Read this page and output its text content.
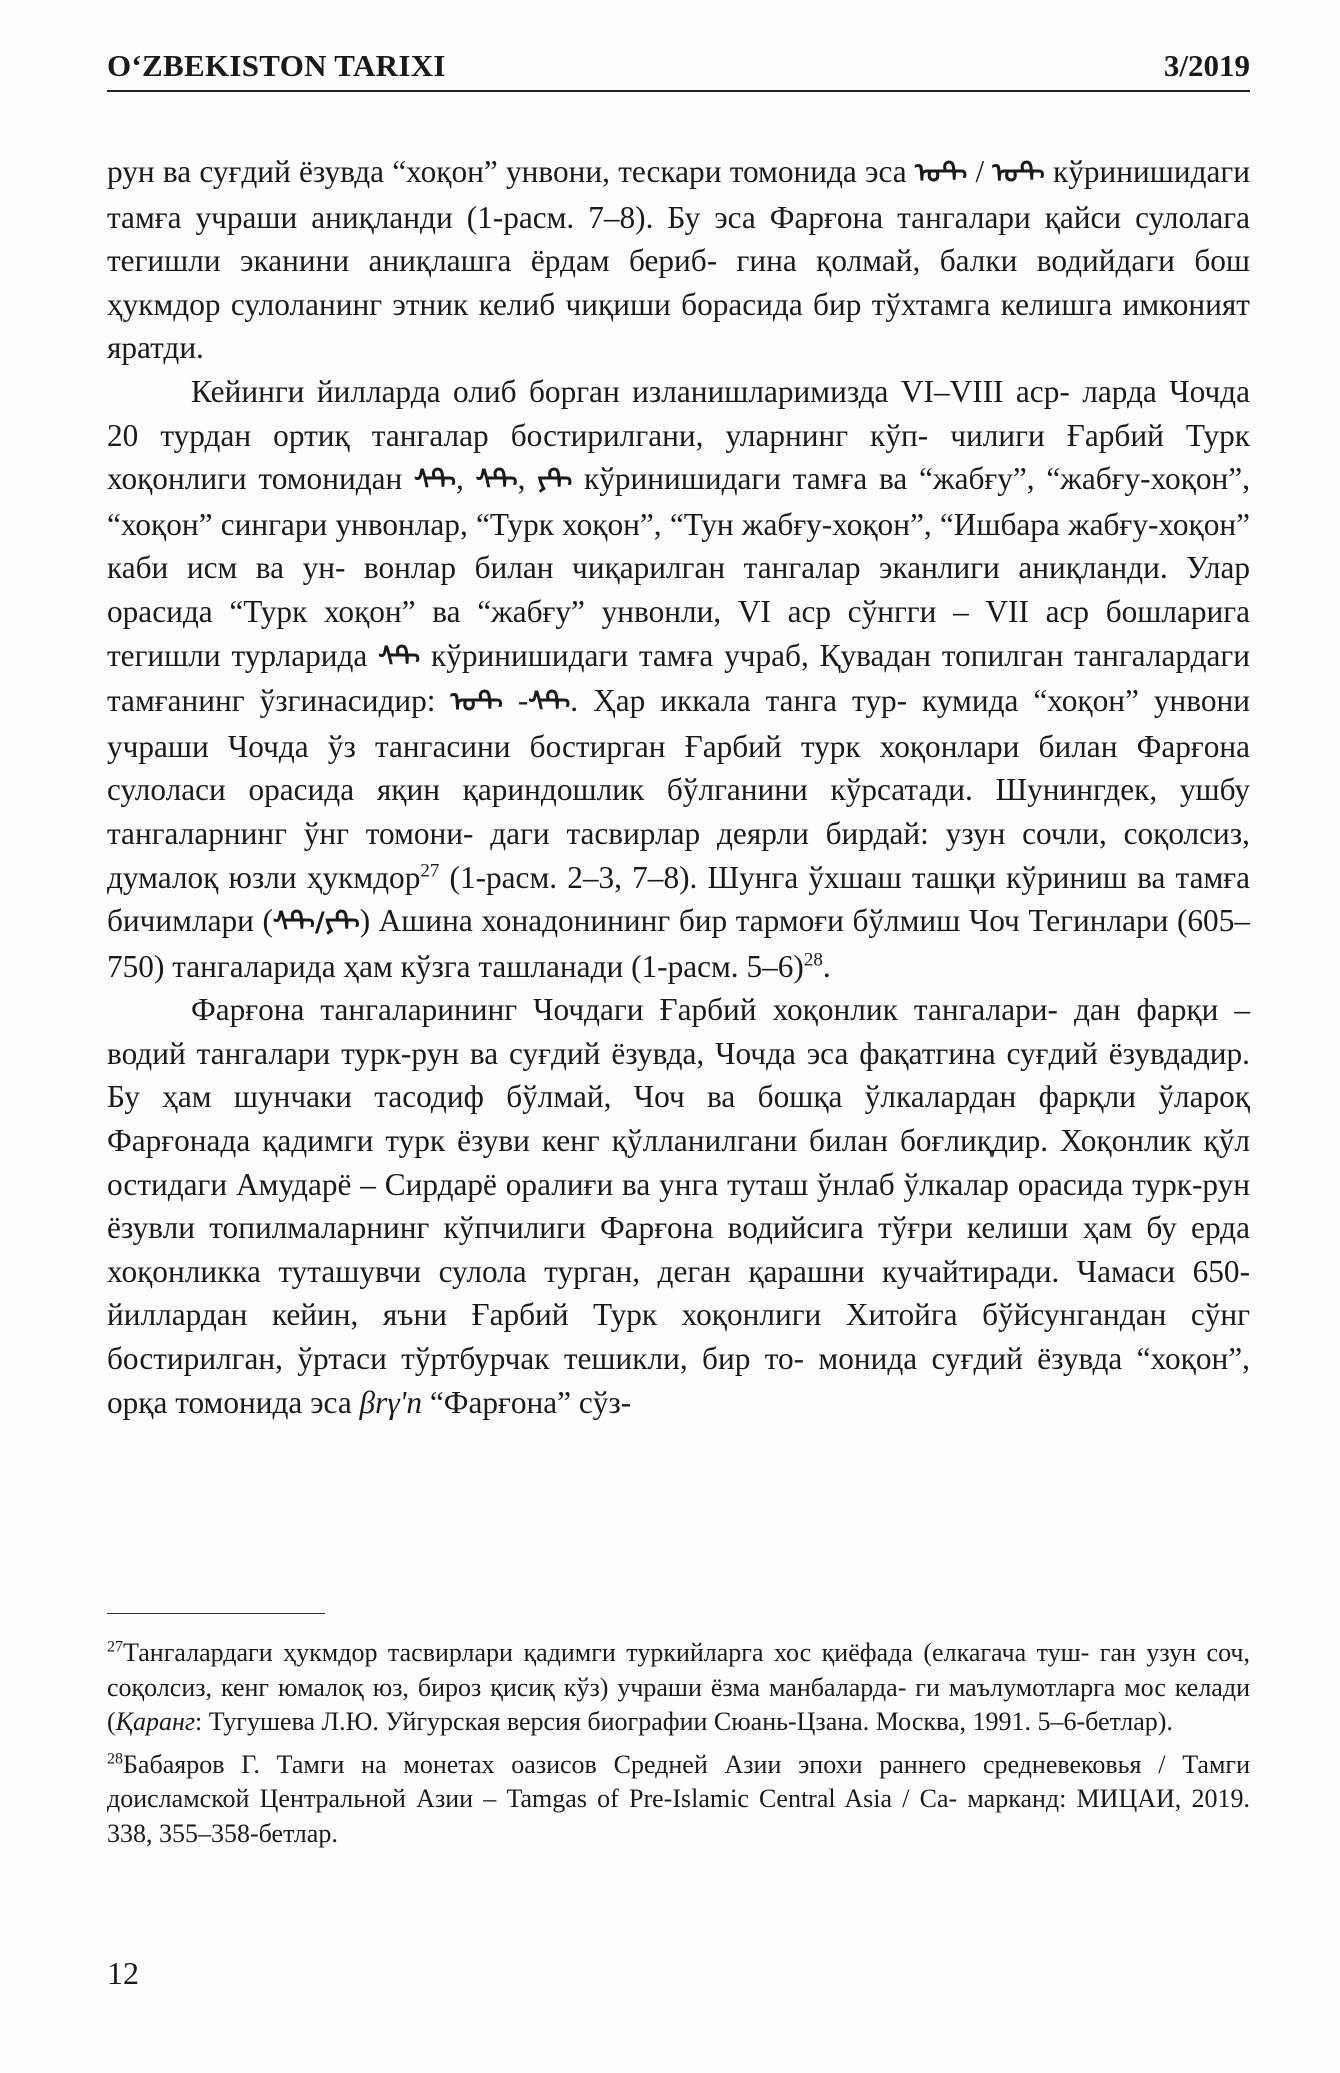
O‘ZBEKISTON TARIXI	3/2019

рун ва суғдий ёзувда “хоқон” унвони, тескари томонида эса ᠤᠲ / ᠤᠲ кўринишидаги тамға учраши аниқланди (1-расм. 7–8). Бу эса Фарғона тангалари қайси сулолага тегишли эканини аниқлашга ёрдам бериб- гина қолмай, балки водийдаги бош ҳукмдор сулоланинг этник келиб чиқиши борасида бир тўхтамга келишга имконият яратди.

Кейинги йилларда олиб борган изланишларимизда VI–VIII аср- ларда Чочда 20 турдан ортиқ тангалар бостирилгани, уларнинг кўп- чилиги Ғарбий Турк хоқонлиги томонидан ᠰᠲ, ᠰᠲ, ᠶᠲ кўринишидаги тамға ва “жабғу”, “жабғу-хоқон”, “хоқон” сингари унвонлар, “Турк хоқон”, “Тун жабғу-хоқон”, “Ишбара жабғу-хоқон” каби исм ва ун- вонлар билан чиқарилган тангалар эканлиги аниқланди. Улар орасида “Турк хоқон” ва “жабғу” унвонли, VI аср сўнгги – VII аср бошларига тегишли турларида ᠰᠲ кўринишидаги тамға учраб, Қувадан топилган тангалардаги тамғанинг ўзгинасидир: ᠤᠲ -ᠰᠲ. Ҳар иккала танга тур- кумида “хоқон” унвони учраши Чочда ўз тангасини бостирган Ғарбий турк хоқонлари билан Фарғона сулоласи орасида яқин қариндошлик бўлганини кўрсатади. Шунингдек, ушбу тангаларнинг ўнг томони- даги тасвирлар деярли бирдай: узун сочли, соқолсиз, думалоқ юзли ҳукмдор$^{27}$ (1-расм. 2–3, 7–8). Шунга ўхшаш ташқи кўриниш ва тамға бичимлари (ᠰᠲ/ᠶᠲ) Ашина хонадонининг бир тармоғи бўлмиш Чоч Тегинлари (605–750) тангаларида ҳам кўзга ташланади (1-расм. 5–6)$^{28}$.

Фарғона тангаларининг Чочдаги Ғарбий хоқонлик тангалари- дан фарқи – водий тангалари турк-рун ва суғдий ёзувда, Чочда эса фақатгина суғдий ёзувдадир. Бу ҳам шунчаки тасодиф бўлмай, Чоч ва бошқа ўлкалардан фарқли ўлароқ Фарғонада қадимги турк ёзуви кенг қўлланилгани билан боғлиқдир. Хоқонлик қўл остидаги Амударё – Сирдарё оралиғи ва унга туташ ўнлаб ўлкалар орасида турк-рун ёзувли топилмаларнинг кўпчилиги Фарғона водийсига тўғри келиши ҳам бу ерда хоқонликка туташувчи сулола турган, деган қарашни кучайтиради. Чамаси 650- йиллардан кейин, яъни Ғарбий Турк хоқонлиги Хитойга бўйсунгандан сўнг бостирилган, ўртаси тўртбурчак тешикли, бир то- монида суғдий ёзувда “хоқон”, орқа томонида эса βrγ'n “Фарғона” сўз-

$^{27}$Тангалардаги ҳукмдор тасвирлари қадимги туркийларга хос қиёфада (елкагача туш- ган узун соч, соқолсиз, кенг юмалоқ юз, бироз қисиқ кўз) учраши ёзма манбаларда- ги маълумотларга мос келади (Қаранг: Тугушева Л.Ю. Уйгурская версия биографии Сюань-Цзана. Москва, 1991. 5–6-бетлар).

$^{28}$Бабаяров Г. Тамги на монетах оазисов Средней Азии эпохи раннего средневековья / Тамги доисламской Центральной Азии – Tamgas of Pre-Islamic Central Asia / Са- марканд: МИЦАИ, 2019. 338, 355–358-бетлар.

12
